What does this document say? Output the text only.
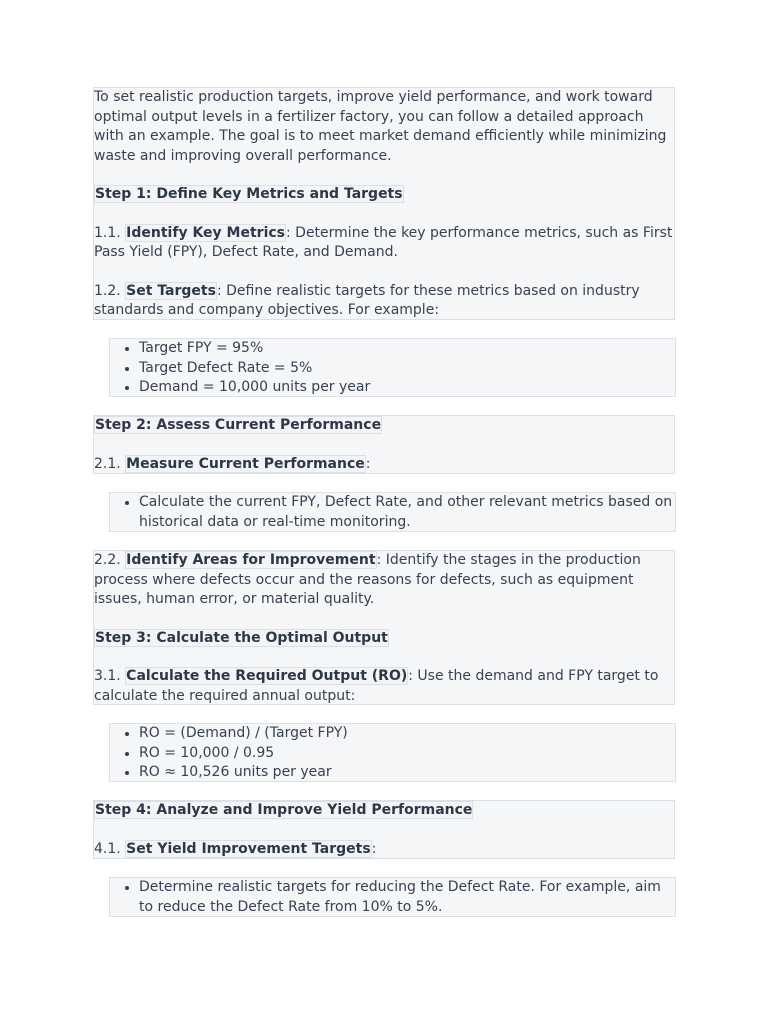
To set realistic production targets, improve yield performance, and work toward optimal output levels in a fertilizer factory, you can follow a detailed approach with an example. The goal is to meet market demand efficiently while minimizing waste and improving overall performance.

Step 1: Define Key Metrics and Targets

1.1. Identify Key Metrics: Determine the key performance metrics, such as First Pass Yield (FPY), Defect Rate, and Demand.

1.2. Set Targets: Define realistic targets for these metrics based on industry standards and company objectives. For example:

• Target FPY = 95%
• Target Defect Rate = 5%
• Demand = 10,000 units per year

Step 2: Assess Current Performance

2.1. Measure Current Performance:

• Calculate the current FPY, Defect Rate, and other relevant metrics based on historical data or real-time monitoring.

2.2. Identify Areas for Improvement: Identify the stages in the production process where defects occur and the reasons for defects, such as equipment issues, human error, or material quality.

Step 3: Calculate the Optimal Output

3.1. Calculate the Required Output (RO): Use the demand and FPY target to calculate the required annual output:

• RO = (Demand) / (Target FPY)
• RO = 10,000 / 0.95
• RO ≈ 10,526 units per year

Step 4: Analyze and Improve Yield Performance

4.1. Set Yield Improvement Targets:

• Determine realistic targets for reducing the Defect Rate. For example, aim to reduce the Defect Rate from 10% to 5%.
